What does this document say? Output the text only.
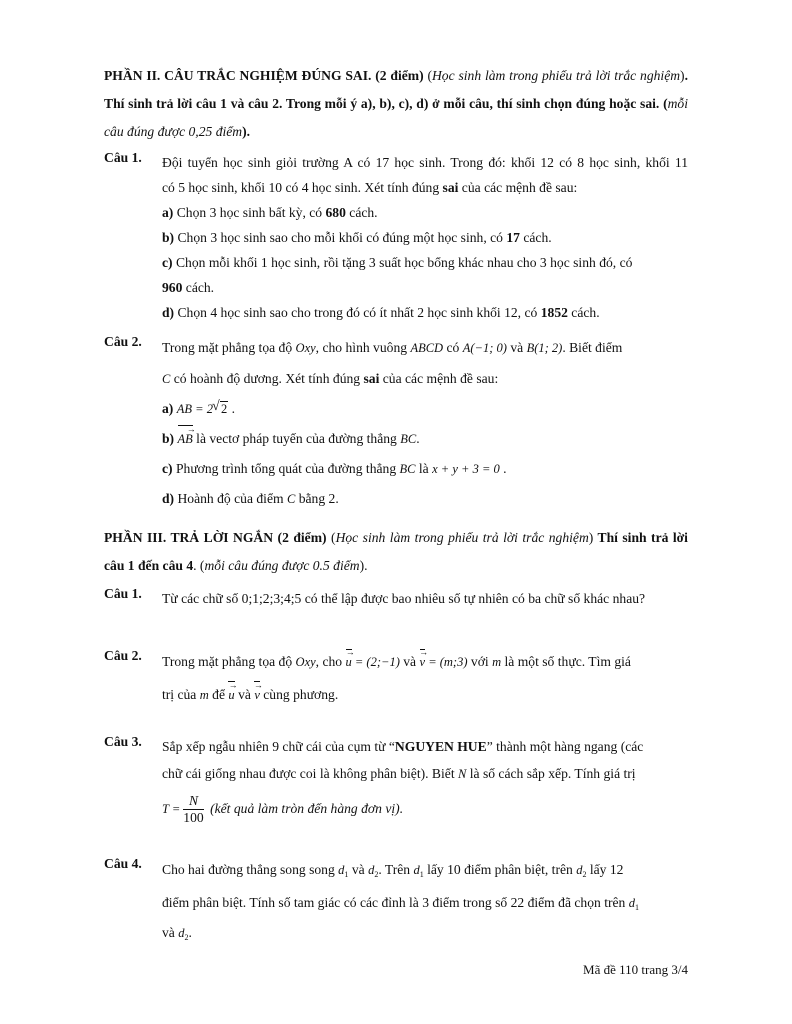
PHẦN II. CÂU TRẮC NGHIỆM ĐÚNG SAI. (2 điểm) (Học sinh làm trong phiếu trả lời trắc nghiệm). Thí sinh trả lời câu 1 và câu 2. Trong mỗi ý a), b), c), d) ở mỗi câu, thí sinh chọn đúng hoặc sai. (mỗi câu đúng được 0,25 điểm).
Câu 1. Đội tuyển học sinh giỏi trường A có 17 học sinh. Trong đó: khối 12 có 8 học sinh, khối 11
có 5 học sinh, khối 10 có 4 học sinh. Xét tính đúng sai của các mệnh đề sau:
a) Chọn 3 học sinh bất kỳ, có 680 cách.
b) Chọn 3 học sinh sao cho mỗi khối có đúng một học sinh, có 17 cách.
c) Chọn mỗi khối 1 học sinh, rồi tặng 3 suất học bổng khác nhau cho 3 học sinh đó, có
960 cách.
d) Chọn 4 học sinh sao cho trong đó có ít nhất 2 học sinh khối 12, có 1852 cách.
Câu 2. Trong mặt phẳng tọa độ Oxy, cho hình vuông ABCD có A(−1; 0) và B(1; 2). Biết điểm
C có hoành độ dương. Xét tính đúng sai của các mệnh đề sau:
a) AB = 2 √ 2 .
b) → AB là vectơ pháp tuyến của đường thẳng BC.
c) Phương trình tổng quát của đường thẳng BC là x + y + 3 = 0 .
d) Hoành độ của điểm C bằng 2.
PHẦN III. TRẢ LỜI NGẮN (2 điểm) (Học sinh làm trong phiếu trả lời trắc nghiệm) Thí sinh trả lời câu 1 đến câu 4. (mỗi câu đúng được 0.5 điểm).
Câu 1. Từ các chữ số 0;1;2;3;4;5 có thể lập được bao nhiêu số tự nhiên có ba chữ số khác nhau?
Câu 2. Trong mặt phẳng tọa độ Oxy, cho → u = (2;−1) và → v = (m;3) với m là một số thực. Tìm giá
trị của m để → u và → v cùng phương.
Câu 3. Sắp xếp ngẫu nhiên 9 chữ cái của cụm từ “NGUYEN HUE” thành một hàng ngang (các
chữ cái giống nhau được coi là không phân biệt). Biết N là số cách sắp xếp. Tính giá trị
$T = \frac{N}{100}$ (kết quả làm tròn đến hàng đơn vị).
Câu 4. Cho hai đường thẳng song song $d_1$ và $d_2$. Trên $d_1$ lấy 10 điểm phân biệt, trên $d_2$ lấy 12
điểm phân biệt. Tính số tam giác có các đỉnh là 3 điểm trong số 22 điểm đã chọn trên $d_1$
và $d_2$.
Mã đề 110 trang 3/4
